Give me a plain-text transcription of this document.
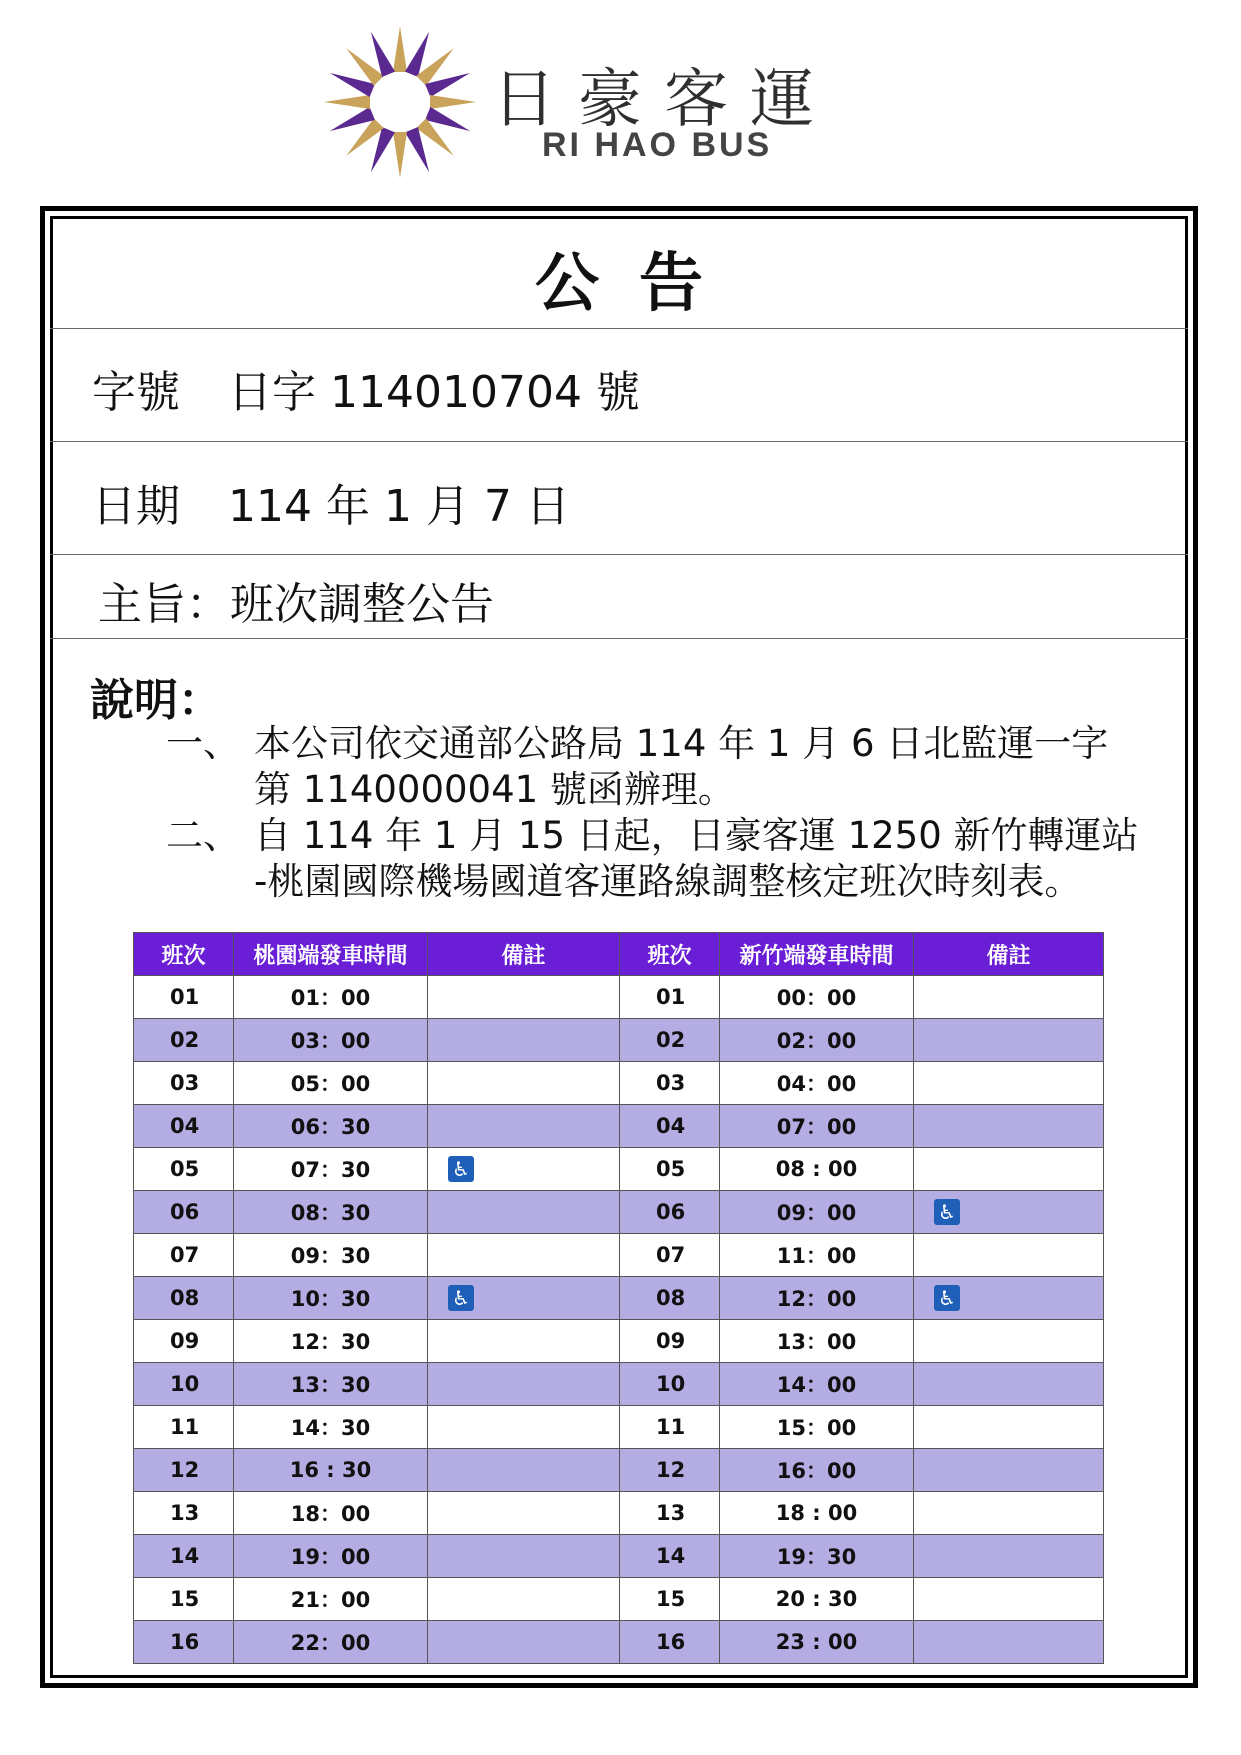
日豪客運
RI HAO BUS
公告
字號 日字 114010704 號
日期 114 年 1 月 7 日
主旨：班次調整公告
說明：
一、 本公司依交通部公路局 114 年 1 月 6 日北監運一字
第 1140000041 號函辦理。
二、 自 114 年 1 月 15 日起，日豪客運 1250 新竹轉運站
-桃園國際機場國道客運路線調整核定班次時刻表。
班次	桃園端發車時間	備註	班次	新竹端發車時間	備註
01	01：00		01	00：00	
02	03：00		02	02：00	
03	05：00		03	04：00	
04	06：30		04	07：00	
05	07：30	♿	05	08 : 00	
06	08：30		06	09：00	♿
07	09：30		07	11：00	
08	10：30	♿	08	12：00	♿
09	12：30		09	13：00	
10	13：30		10	14：00	
11	14：30		11	15：00	
12	16 : 30		12	16：00	
13	18：00		13	18 : 00	
14	19：00		14	19：30	
15	21：00		15	20 : 30	
16	22：00		16	23 : 00	
